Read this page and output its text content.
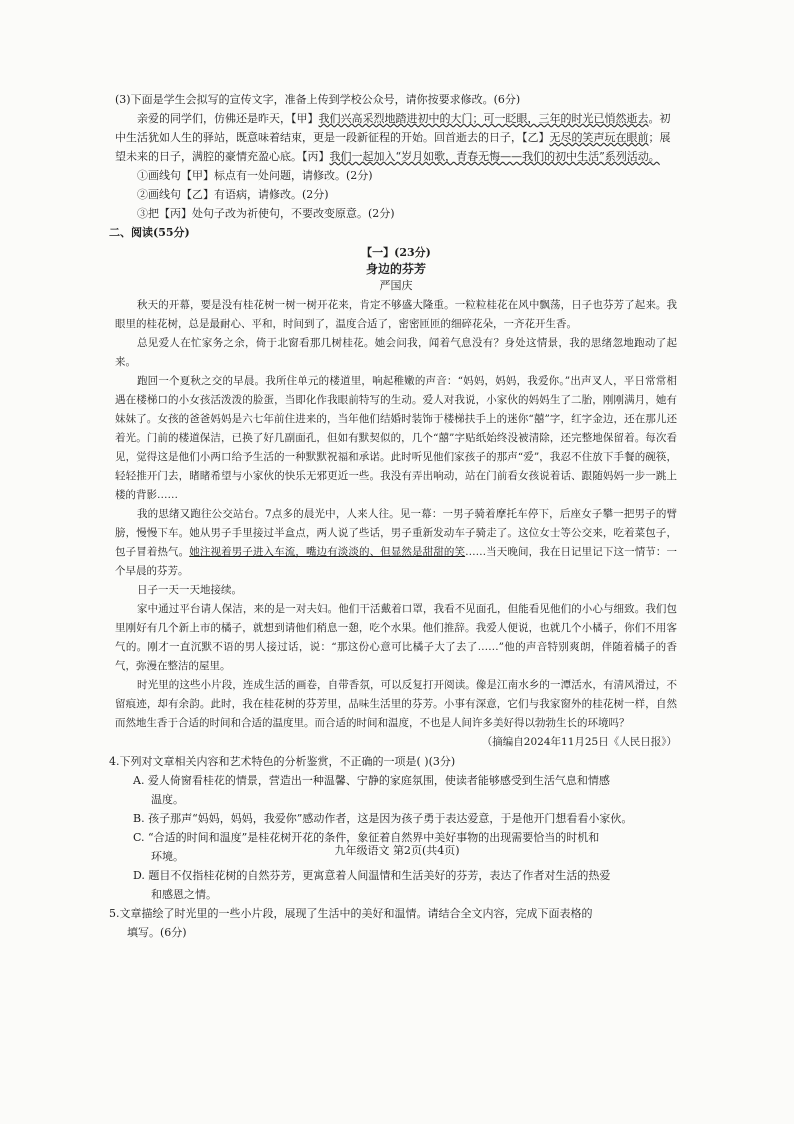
(3)下面是学生会拟写的宣传文字，准备上传到学校公众号，请你按要求修改。(6分)

亲爱的同学们，仿佛还是昨天，【甲】我们兴高采烈地踏进初中的大门；可一眨眼，三年的时光已悄然逝去。初中生活犹如人生的驿站，既意味着结束，更是一段新征程的开始。回首逝去的日子，【乙】无尽的笑声玩在眼前；展望未来的日子，满腔的豪情充盈心底。【丙】我们一起加入“岁月如歌，青春无悔——我们的初中生活”系列活动。

①画线句【甲】标点有一处问题，请修改。(2分)

②画线句【乙】有语病，请修改。(2分)

③把【丙】处句子改为祈使句，不要改变原意。(2分)

二、阅读(55分)

【一】(23分)

身边的芬芳

严国庆

秋天的开幕，要是没有桂花树一树一树开花来，肯定不够盛大隆重。一粒粒桂花在风中飘荡，日子也芬芳了起来。我眼里的桂花树，总是最耐心、平和，时间到了，温度合适了，密密匝匝的细碎花朵，一齐花开生香。

总见爱人在忙家务之余，倚于北窗看那几树桂花。她会问我，闻着气息没有？身处这情景，我的思绪忽地跑动了起来。

跑回一个夏秋之交的早晨。我所住单元的楼道里，响起稚嫩的声音：“妈妈，妈妈，我爱你。”出声叉人，平日常常相遇在楼梯口的小女孩活泼泼的脸蛋，当即化作我眼前特写的生动。爱人对我说，小家伙的妈妈生了二胎，刚刚满月，她有妹妹了。女孩的爸爸妈妈是六七年前住进来的，当年他们结婚时装饰于楼梯扶手上的迷你“囍”字，红字金边，还在那儿还着光。门前的楼道保洁，已换了好几副面孔，但如有默契似的，几个“囍”字贴纸始终没被清除，还完整地保留着。每次看见，觉得这是他们小两口给予生活的一种默默祝福和承诺。此时听见他们家孩子的那声“爱”，我忍不住放下手餐的碗筷，轻轻推开门去，睹睹希望与小家伙的快乐无邪更近一些。我没有弄出响动，站在门前看女孩说着话、跟随妈妈一步一跳上楼的背影……

我的思绪又跑往公交站台。7点多的晨光中，人来人往。见一幕：一男子骑着摩托车停下，后座女子攀一把男子的臂膀，慢慢下车。她从男子手里接过半盒点，两人说了些话，男子重新发动车子骑走了。这位女士等公交来，吃着菜包子，包子冒着热气。她注视着男子进入车流，嘴边有淡淡的、但显然是甜甜的笑……当天晚间，我在日记里记下这一情节：一个早晨的芬芳。

日子一天一天地接续。

家中通过平台请人保洁，来的是一对夫妇。他们干活戴着口罩，我看不见面孔，但能看见他们的小心与细致。我们包里刚好有几个新上市的橘子，就想到请他们稍息一憩，吃个水果。他们推辞。我爱人便说，也就几个小橘子，你们不用客气的。刚才一直沉默不语的男人接过话，说：“那这份心意可比橘子大了去了……”他的声音特别爽朗，伴随着橘子的香气，弥漫在整洁的屋里。

时光里的这些小片段，连成生活的画卷，自带香氛，可以反复打开阅读。像是江南水乡的一潭活水，有清风滑过，不留痕迹，却有余韵。此时，我在桂花树的芬芳里，品味生活里的芬芳。小事有深意，它们与我家窗外的桂花树一样，自然而然地生香于合适的时间和合适的温度里。而合适的时间和温度，不也是人间许多美好得以勃勃生长的环境吗？

（摘编自2024年11月25日《人民日报》）

4.下列对文章相关内容和艺术特色的分析鉴赏，不正确的一项是( )(3分)

A. 爱人倚窗看桂花的情景，营造出一种温馨、宁静的家庭氛围，使读者能够感受到生活气息和情感
温度。

B. 孩子那声“妈妈，妈妈，我爱你”感动作者，这是因为孩子勇于表达爱意，于是他开门想看看小家伙。

C. “合适的时间和温度”是桂花树开花的条件，象征着自然界中美好事物的出现需要恰当的时机和
环境。

D. 题目不仅指桂花树的自然芬芳，更寓意着人间温情和生活美好的芬芳，表达了作者对生活的热爱
和感恩之情。

5.文章描绘了时光里的一些小片段，展现了生活中的美好和温情。请结合全文内容，完成下面表格的

填写。(6分)

九年级语文 第2页(共4页)
